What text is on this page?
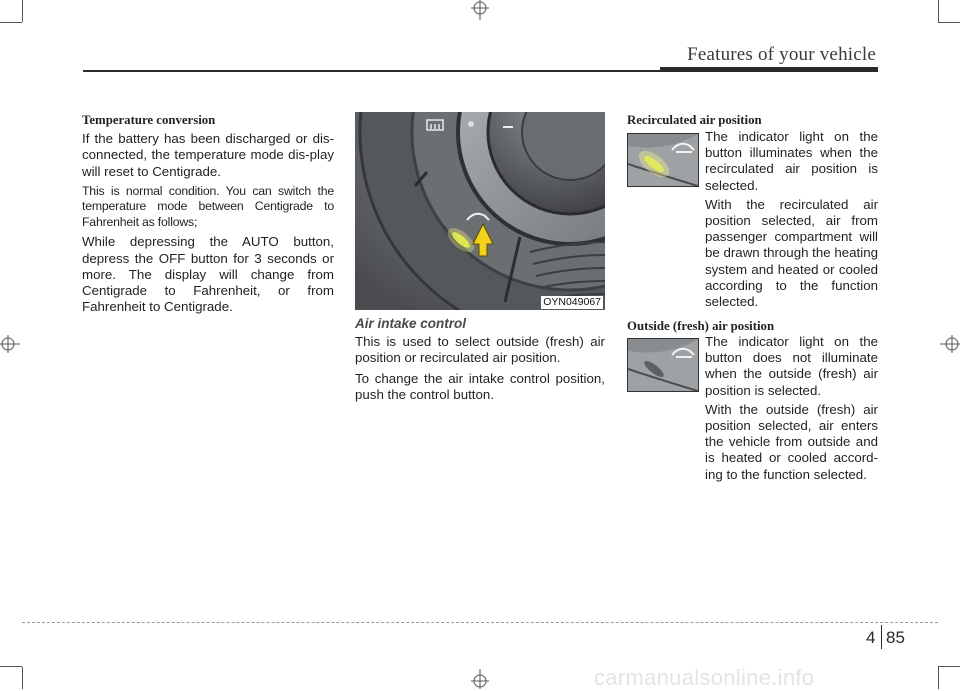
Features of your vehicle
Temperature conversion

If the battery has been discharged or dis-connected, the temperature mode dis-play will reset to Centigrade.

This is normal condition. You can switch the temperature mode between Centigrade to Fahrenheit as follows;

While depressing the AUTO button, depress the OFF button for 3 seconds or more. The display will change from Centigrade to Fahrenheit, or from Fahrenheit to Centigrade.	OYN049067
Air intake control

This is used to select outside (fresh) air position or recirculated air position.

To change the air intake control position, push the control button.

Recirculated air position

The indicator light on the button illuminates when the recirculated air position is selected.

With the recirculated air position selected, air from passenger compartment will be drawn through the heating system and heated or cooled according to the function selected.

Outside (fresh) air position

The indicator light on the button does not illuminate when the outside (fresh) air position is selected.

With the outside (fresh) air position selected, air enters the vehicle from outside and is heated or cooled accord-ing to the function selected.

4 85
carmanualsonline.info
